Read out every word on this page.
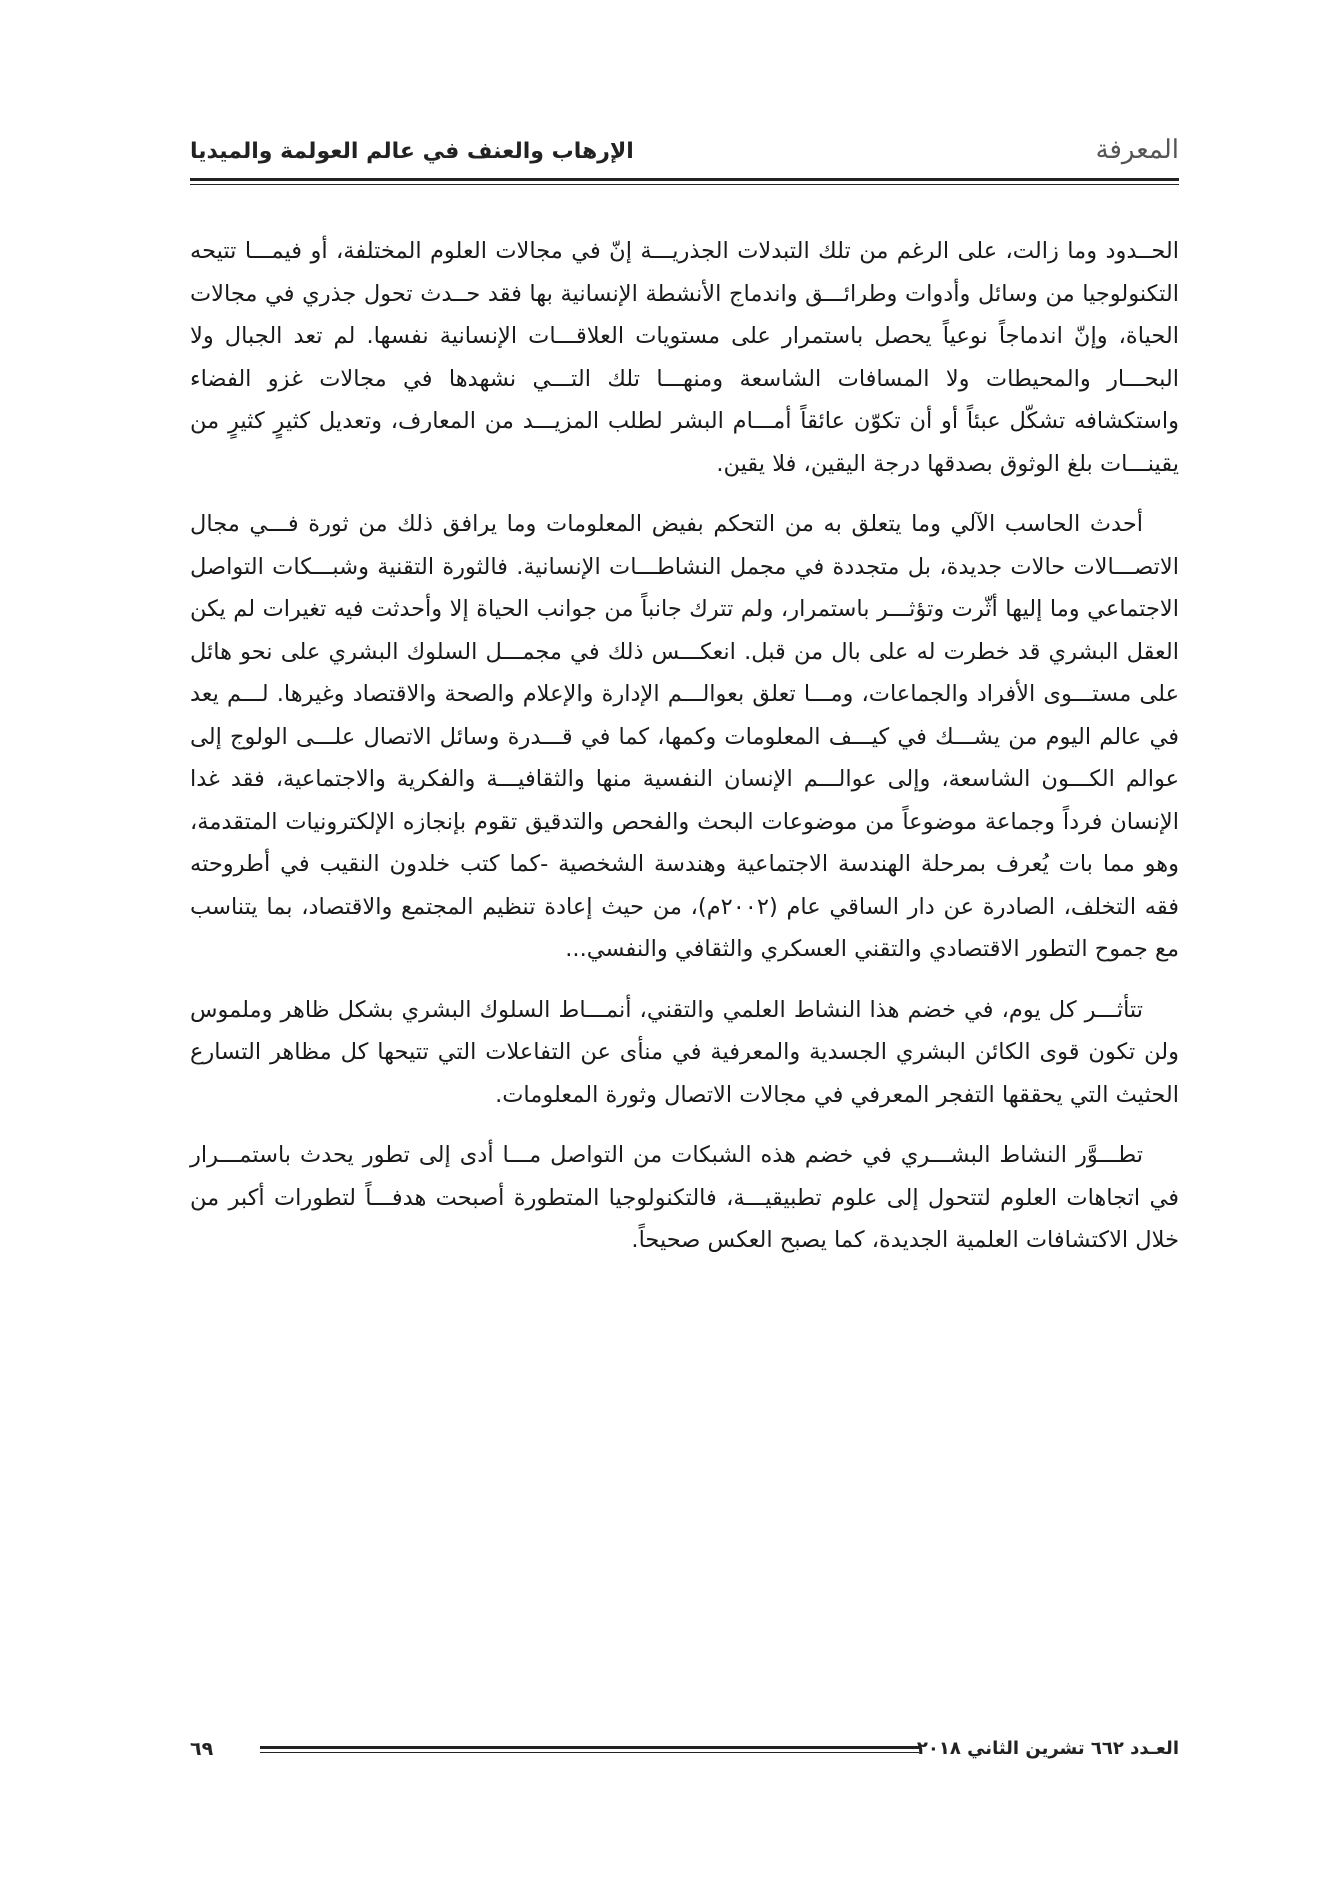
المعرفة
الإرهاب والعنف في عالم العولمة والميديا

الحــدود وما زالت، على الرغم من تلك التبدلات الجذريـــة إنّ في مجالات العلوم المختلفة، أو فيمـــا تتيحه التكنولوجيا من وسائل وأدوات وطرائـــق واندماج الأنشطة الإنسانية بها فقد حــدث تحول جذري في مجالات الحياة، وإنّ اندماجاً نوعياً يحصل باستمرار على مستويات العلاقـــات الإنسانية نفسها. لم تعد الجبال ولا البحـــار والمحيطات ولا المسافات الشاسعة ومنهـــا تلك التـــي نشهدها في مجالات غزو الفضاء واستكشافه تشكّل عبئاً أو أن تكوّن عائقاً أمـــام البشر لطلب المزيـــد من المعارف، وتعديل كثيرٍ كثيرٍ من يقينـــات بلغ الوثوق بصدقها درجة اليقين، فلا يقين.

أحدث الحاسب الآلي وما يتعلق به من التحكم بفيض المعلومات وما يرافق ذلك من ثورة فـــي مجال الاتصـــالات حالات جديدة، بل متجددة في مجمل النشاطـــات الإنسانية. فالثورة التقنية وشبـــكات التواصل الاجتماعي وما إليها أثّرت وتؤثـــر باستمرار، ولم تترك جانباً من جوانب الحياة إلا وأحدثت فيه تغيرات لم يكن العقل البشري قد خطرت له على بال من قبل. انعكـــس ذلك في مجمـــل السلوك البشري على نحو هائل على مستـــوى الأفراد والجماعات، ومـــا تعلق بعوالـــم الإدارة والإعلام والصحة والاقتصاد وغيرها. لـــم يعد في عالم اليوم من يشـــك في كيـــف المعلومات وكمها، كما في قـــدرة وسائل الاتصال علـــى الولوج إلى عوالم الكـــون الشاسعة، وإلى عوالـــم الإنسان النفسية منها والثقافيـــة والفكرية والاجتماعية، فقد غدا الإنسان فرداً وجماعة موضوعاً من موضوعات البحث والفحص والتدقيق تقوم بإنجازه الإلكترونيات المتقدمة، وهو مما بات يُعرف بمرحلة الهندسة الاجتماعية وهندسة الشخصية -كما كتب خلدون النقيب في أطروحته فقه التخلف، الصادرة عن دار الساقي عام (٢٠٠٢م)، من حيث إعادة تنظيم المجتمع والاقتصاد، بما يتناسب مع جموح التطور الاقتصادي والتقني العسكري والثقافي والنفسي...

تتأثـــر كل يوم، في خضم هذا النشاط العلمي والتقني، أنمـــاط السلوك البشري بشكل ظاهر وملموس ولن تكون قوى الكائن البشري الجسدية والمعرفية في منأى عن التفاعلات التي تتيحها كل مظاهر التسارع الحثيث التي يحققها التفجر المعرفي في مجالات الاتصال وثورة المعلومات.

تطـــوَّر النشاط البشـــري في خضم هذه الشبكات من التواصل مـــا أدى إلى تطور يحدث باستمـــرار في اتجاهات العلوم لتتحول إلى علوم تطبيقيـــة، فالتكنولوجيا المتطورة أصبحت هدفـــاً لتطورات أكبر من خلال الاكتشافات العلمية الجديدة، كما يصبح العكس صحيحاً.

العـدد ٦٦٢ تشرين الثاني ٢٠١٨
٦٩
